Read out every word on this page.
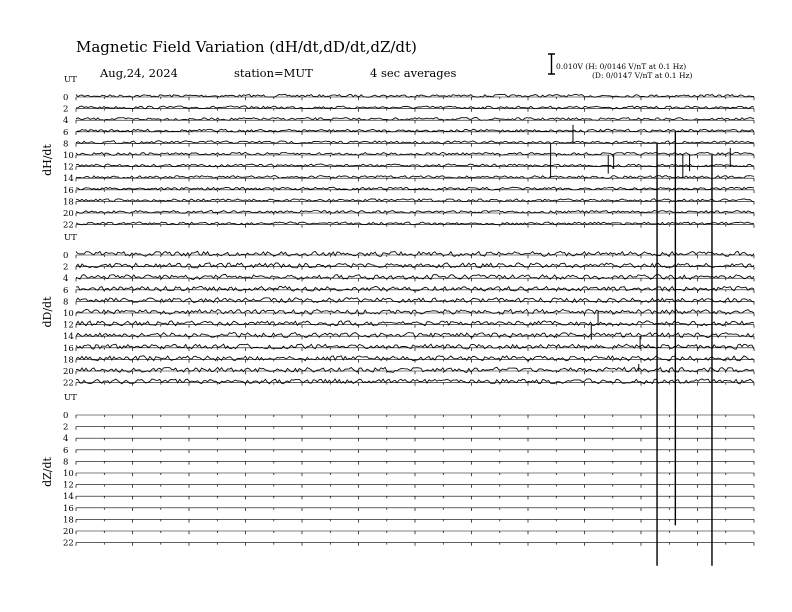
Magnetic Field Variation (dH/dt,dD/dt,dZ/dt)
Aug,24, 2024	station=MUT	4 sec averages	0.010V (H: 0/0146 V/nT at 0.1 Hz)
(D: 0/0147 V/nT at 0.1 Hz)
UT
dH/dt
0
2
4
6
8
10
12
14
16
18
20
22
UT
dD/dt
0
2
4
6
8
10
12
14
16
18
20
22
UT
dZ/dt
0
2
4
6
8
10
12
14
16
18
20
22
